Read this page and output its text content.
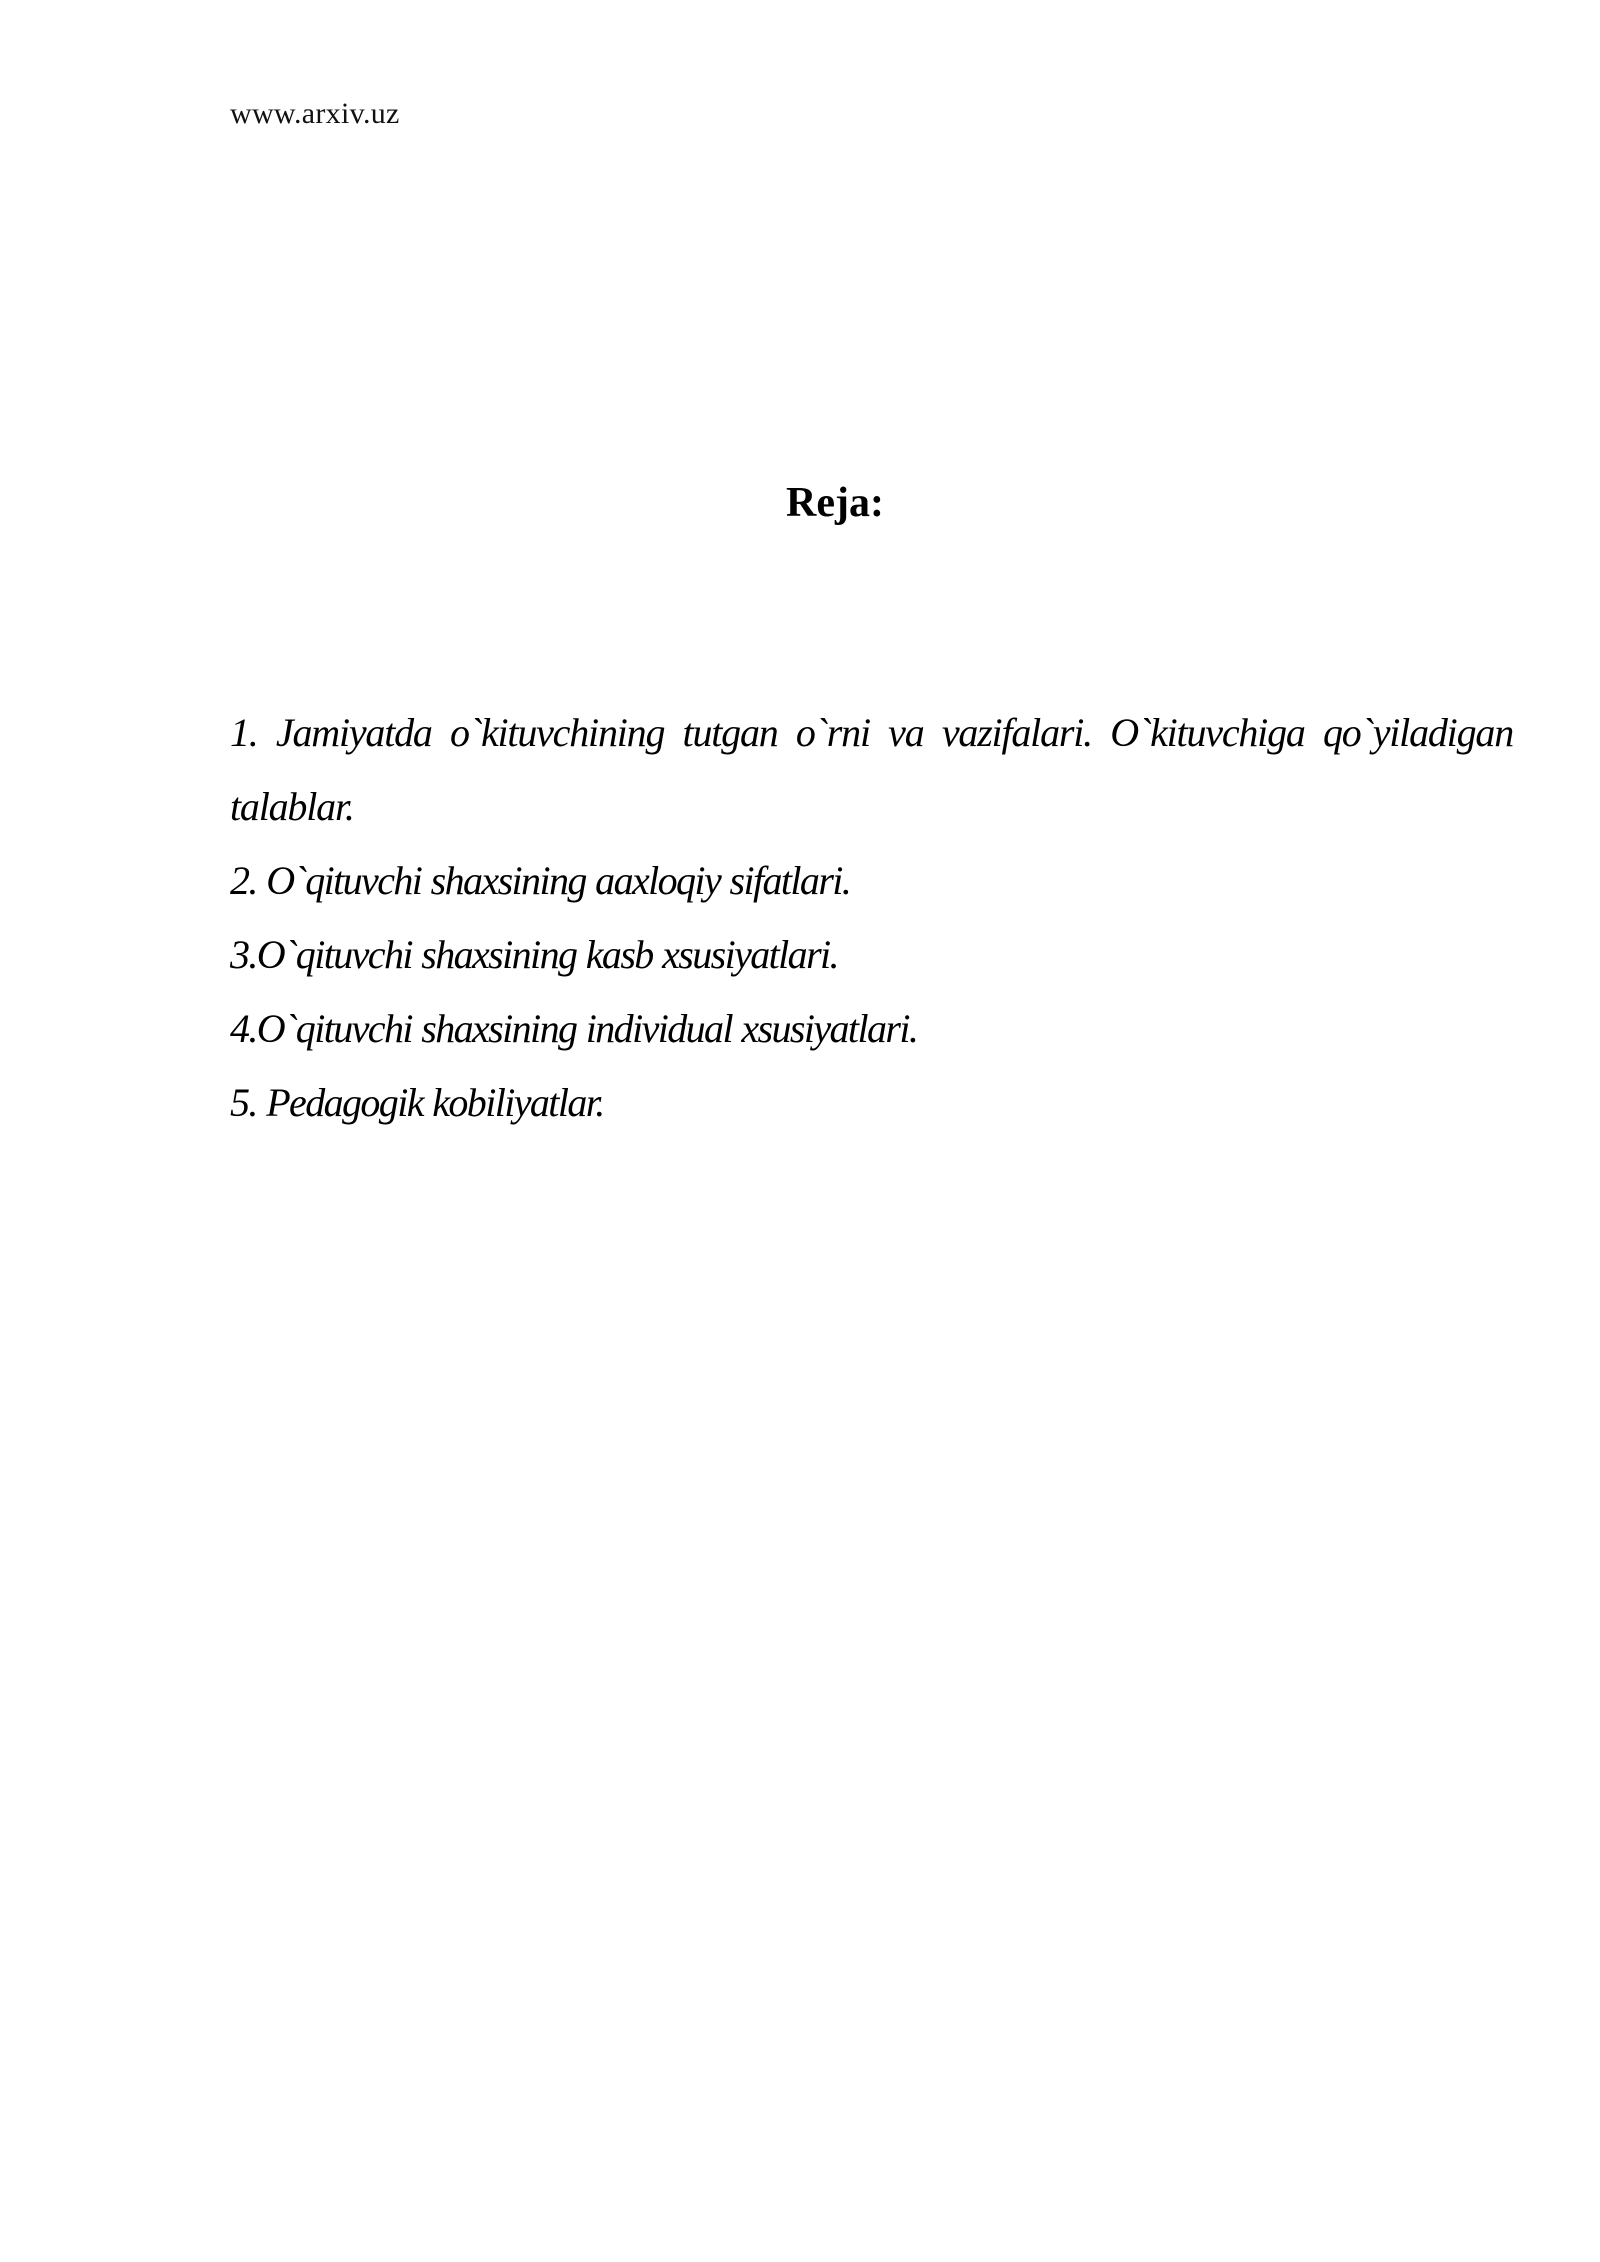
www.arxiv.uz
Reja:
1. Jamiyatda o`kituvchining tutgan o`rni va vazifalari. O`kituvchiga qo`yiladigan talablar.
2. O`qituvchi shaxsining aaxloqiy sifatlari.
3.O`qituvchi shaxsining kasb xsusiyatlari.
4.O`qituvchi shaxsining individual xsusiyatlari.
5. Pedagogik kobiliyatlar.
